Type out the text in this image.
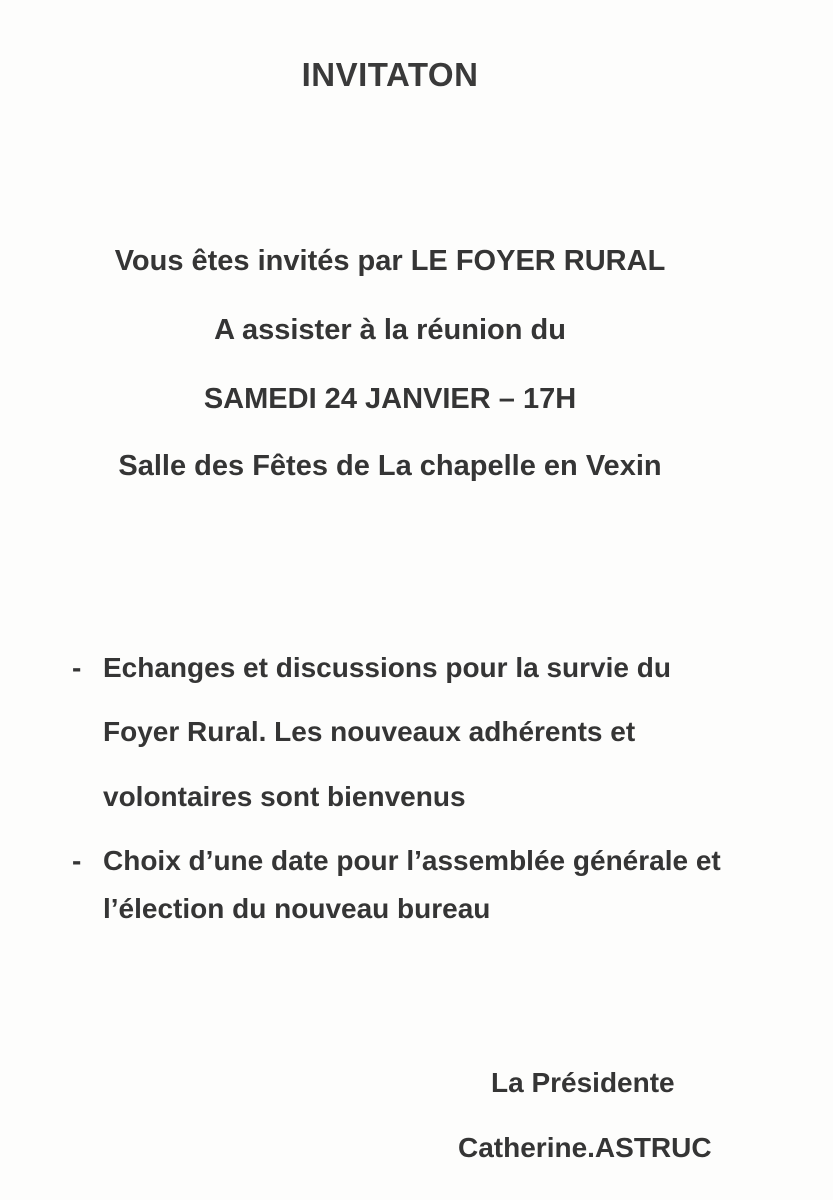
INVITATON
Vous êtes invités par LE FOYER RURAL
A assister à la réunion du
SAMEDI 24 JANVIER – 17H
Salle des Fêtes de La chapelle en Vexin
- Echanges et discussions pour la survie du
Foyer Rural. Les nouveaux adhérents et
volontaires sont bienvenus
- Choix d’une date pour l’assemblée générale et
l’élection du nouveau bureau
La Présidente
Catherine.ASTRUC
